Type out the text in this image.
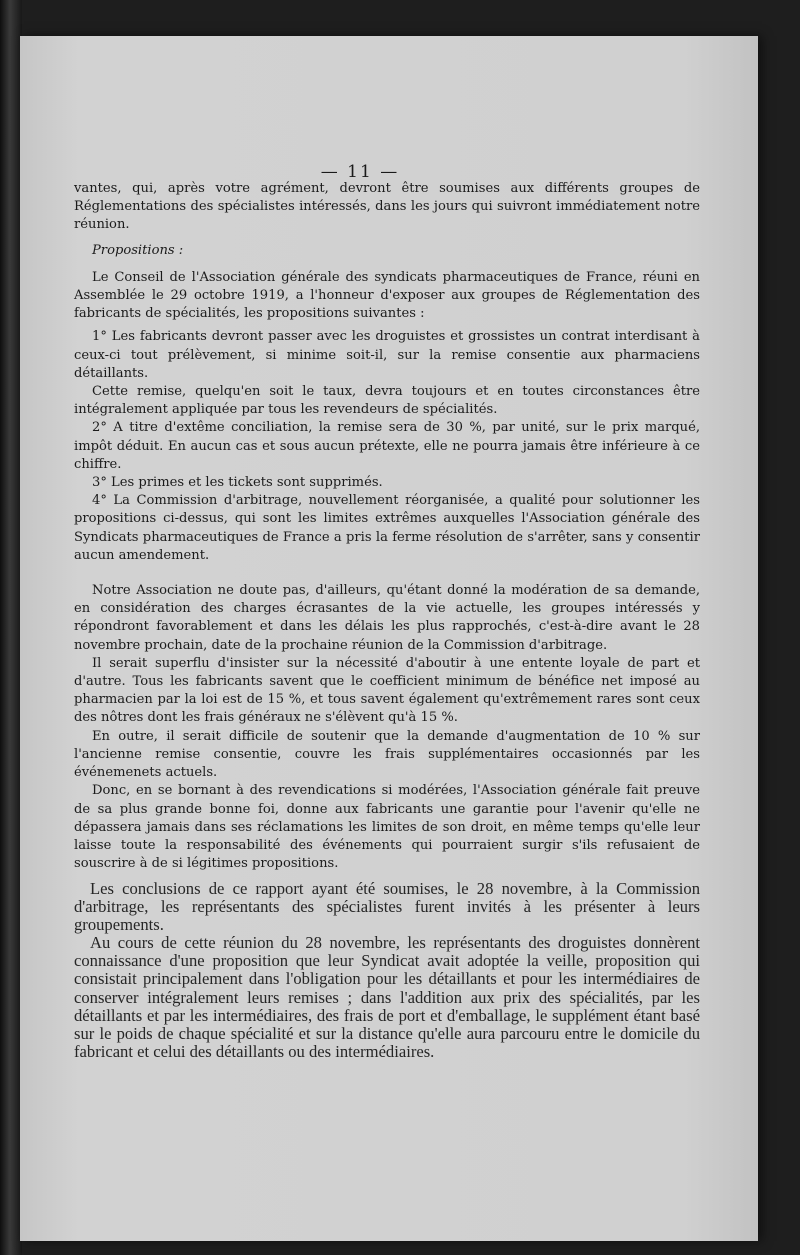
— 11 —

vantes, qui, après votre agrément, devront être soumises aux différents groupes de Réglementations des spécialistes intéressés, dans les jours qui suivront immédiatement notre réunion.

Propositions :

Le Conseil de l'Association générale des syndicats pharmaceutiques de France, réuni en Assemblée le 29 octobre 1919, a l'honneur d'exposer aux groupes de Réglementation des fabricants de spécialités, les propositions suivantes :

1° Les fabricants devront passer avec les droguistes et grossistes un contrat interdisant à ceux-ci tout prélèvement, si minime soit-il, sur la remise consentie aux pharmaciens détaillants.

Cette remise, quelqu'en soit le taux, devra toujours et en toutes circonstances être intégralement appliquée par tous les revendeurs de spécialités.

2° A titre d'extême conciliation, la remise sera de 30 %, par unité, sur le prix marqué, impôt déduit. En aucun cas et sous aucun prétexte, elle ne pourra jamais être inférieure à ce chiffre.

3° Les primes et les tickets sont supprimés.

4° La Commission d'arbitrage, nouvellement réorganisée, a qualité pour solutionner les propositions ci-dessus, qui sont les limites extrêmes auxquelles l'Association générale des Syndicats pharmaceutiques de France a pris la ferme résolution de s'arrêter, sans y consentir aucun amendement.

Notre Association ne doute pas, d'ailleurs, qu'étant donné la modération de sa demande, en considération des charges écrasantes de la vie actuelle, les groupes intéressés y répondront favorablement et dans les délais les plus rapprochés, c'est-à-dire avant le 28 novembre prochain, date de la prochaine réunion de la Commission d'arbitrage.

Il serait superflu d'insister sur la nécessité d'aboutir à une entente loyale de part et d'autre. Tous les fabricants savent que le coefficient minimum de bénéfice net imposé au pharmacien par la loi est de 15 %, et tous savent également qu'extrêmement rares sont ceux des nôtres dont les frais généraux ne s'élèvent qu'à 15 %.

En outre, il serait difficile de soutenir que la demande d'augmentation de 10 % sur l'ancienne remise consentie, couvre les frais supplémentaires occasionnés par les événemenets actuels.

Donc, en se bornant à des revendications si modérées, l'Association générale fait preuve de sa plus grande bonne foi, donne aux fabricants une garantie pour l'avenir qu'elle ne dépassera jamais dans ses réclamations les limites de son droit, en même temps qu'elle leur laisse toute la responsabilité des événements qui pourraient surgir s'ils refusaient de souscrire à de si légitimes propositions.

Les conclusions de ce rapport ayant été soumises, le 28 novembre, à la Commission d'arbitrage, les représentants des spécialistes furent invités à les présenter à leurs groupements.

Au cours de cette réunion du 28 novembre, les représentants des droguistes donnèrent connaissance d'une proposition que leur Syndicat avait adoptée la veille, proposition qui consistait principalement dans l'obligation pour les détaillants et pour les intermédiaires de conserver intégralement leurs remises ; dans l'addition aux prix des spécialités, par les détaillants et par les intermédiaires, des frais de port et d'emballage, le supplément étant basé sur le poids de chaque spécialité et sur la distance qu'elle aura parcouru entre le domicile du fabricant et celui des détaillants ou des intermédiaires.
